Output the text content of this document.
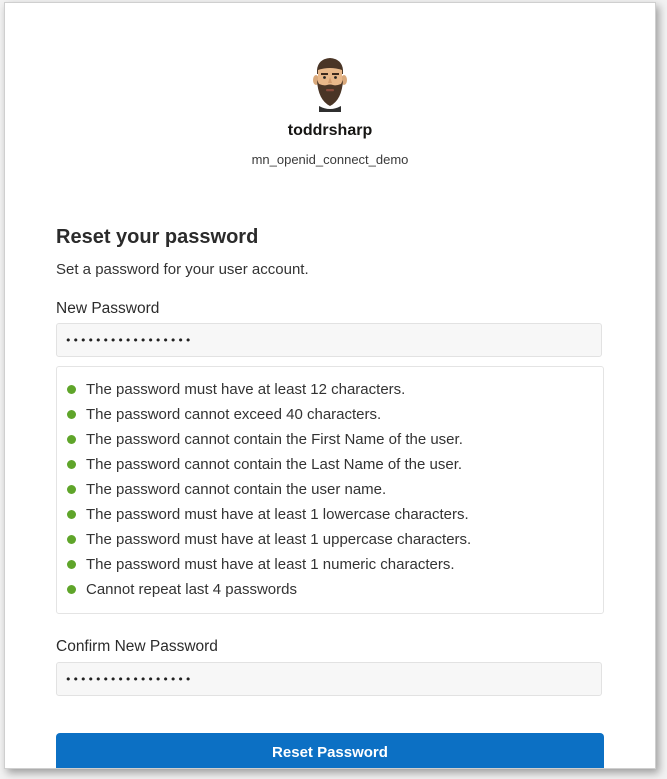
toddrsharp
mn_openid_connect_demo
Reset your password
Set a password for your user account.
New Password
•••••••••••••••••
The password must have at least 12 characters.
The password cannot exceed 40 characters.
The password cannot contain the First Name of the user.
The password cannot contain the Last Name of the user.
The password cannot contain the user name.
The password must have at least 1 lowercase characters.
The password must have at least 1 uppercase characters.
The password must have at least 1 numeric characters.
Cannot repeat last 4 passwords
Confirm New Password
•••••••••••••••••
Reset Password
